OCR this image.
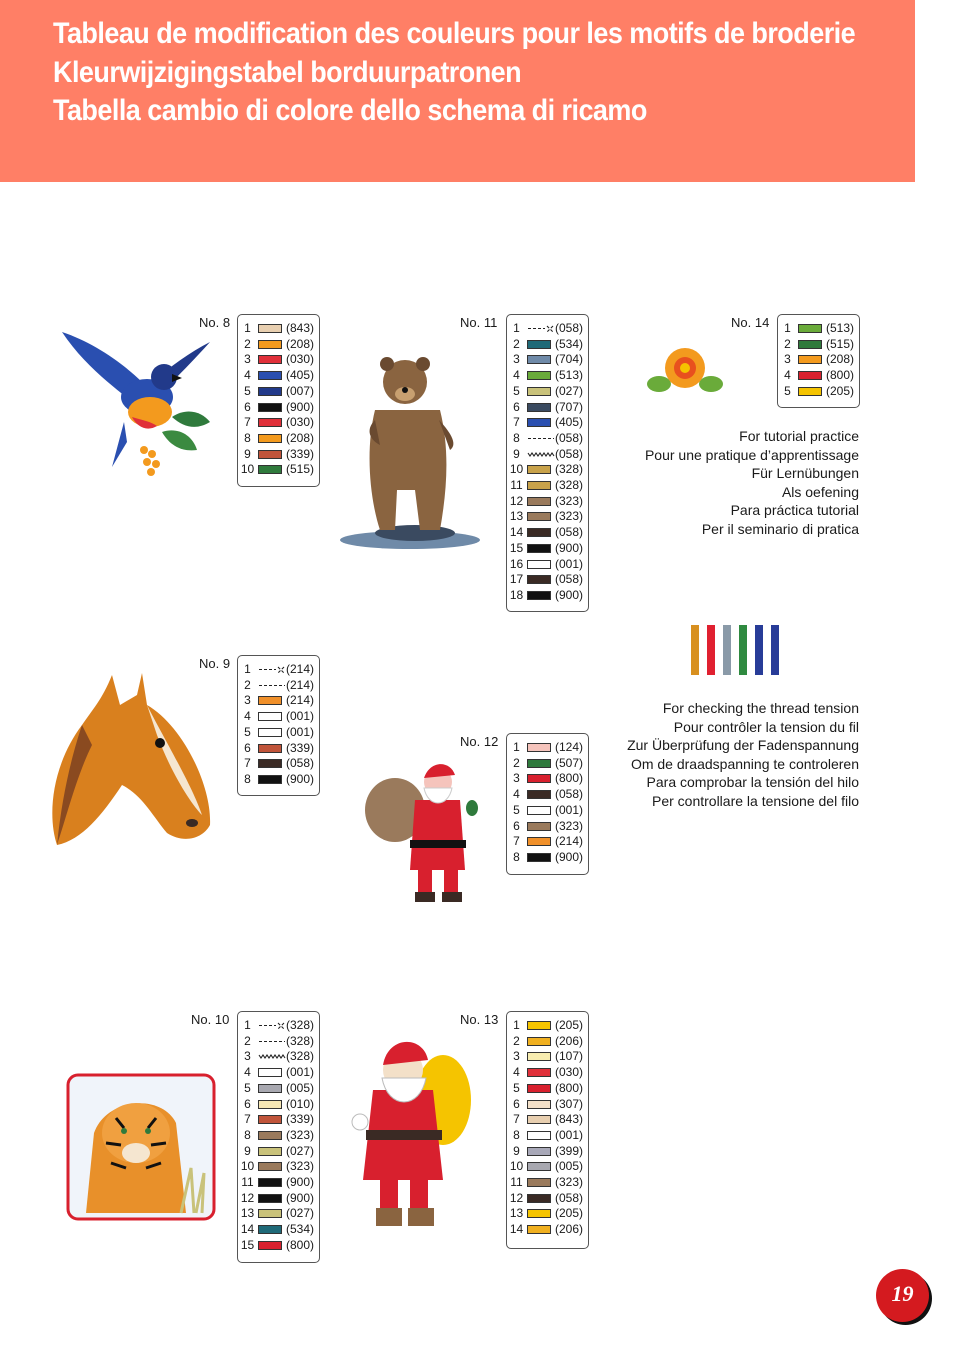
Tableau de modification des couleurs pour les motifs de broderie
Kleurwijzigingstabel borduurpatronen
Tabella cambio di colore dello schema di ricamo
No. 8	1	(843)
2	(208)
3	(030)
4	(405)
5	(007)
6	(900)
7	(030)
8	(208)
9	(339)
10	(515)
No. 9	1	(214)
2	(214)
3	(214)
4	(001)
5	(001)
6	(339)
7	(058)
8	(900)
No. 10	1	(328)
2	(328)
3	(328)
4	(001)
5	(005)
6	(010)
7	(339)
8	(323)
9	(027)
10	(323)
11	(900)
12	(900)
13	(027)
14	(534)
15	(800)
No. 11	1	(058)
2	(534)
3	(704)
4	(513)
5	(027)
6	(707)
7	(405)
8	(058)
9	(058)
10	(328)
11	(328)
12	(323)
13	(323)
14	(058)
15	(900)
16	(001)
17	(058)
18	(900)
No. 12	1	(124)
2	(507)
3	(800)
4	(058)
5	(001)
6	(323)
7	(214)
8	(900)
No. 13	1	(205)
2	(206)
3	(107)
4	(030)
5	(800)
6	(307)
7	(843)
8	(001)
9	(399)
10	(005)
11	(323)
12	(058)
13	(205)
14	(206)
No. 14	1	(513)
2	(515)
3	(208)
4	(800)
5	(205)
For tutorial practice
Pour une pratique d’apprentissage
Für Lernübungen
Als oefening
Para práctica tutorial
Per il seminario di pratica
For checking the thread tension
Pour contrôler la tension du fil
Zur Überprüfung der Fadenspannung
Om de draadspanning te controleren
Para comprobar la tensión del hilo
Per controllare la tensione del filo
19
